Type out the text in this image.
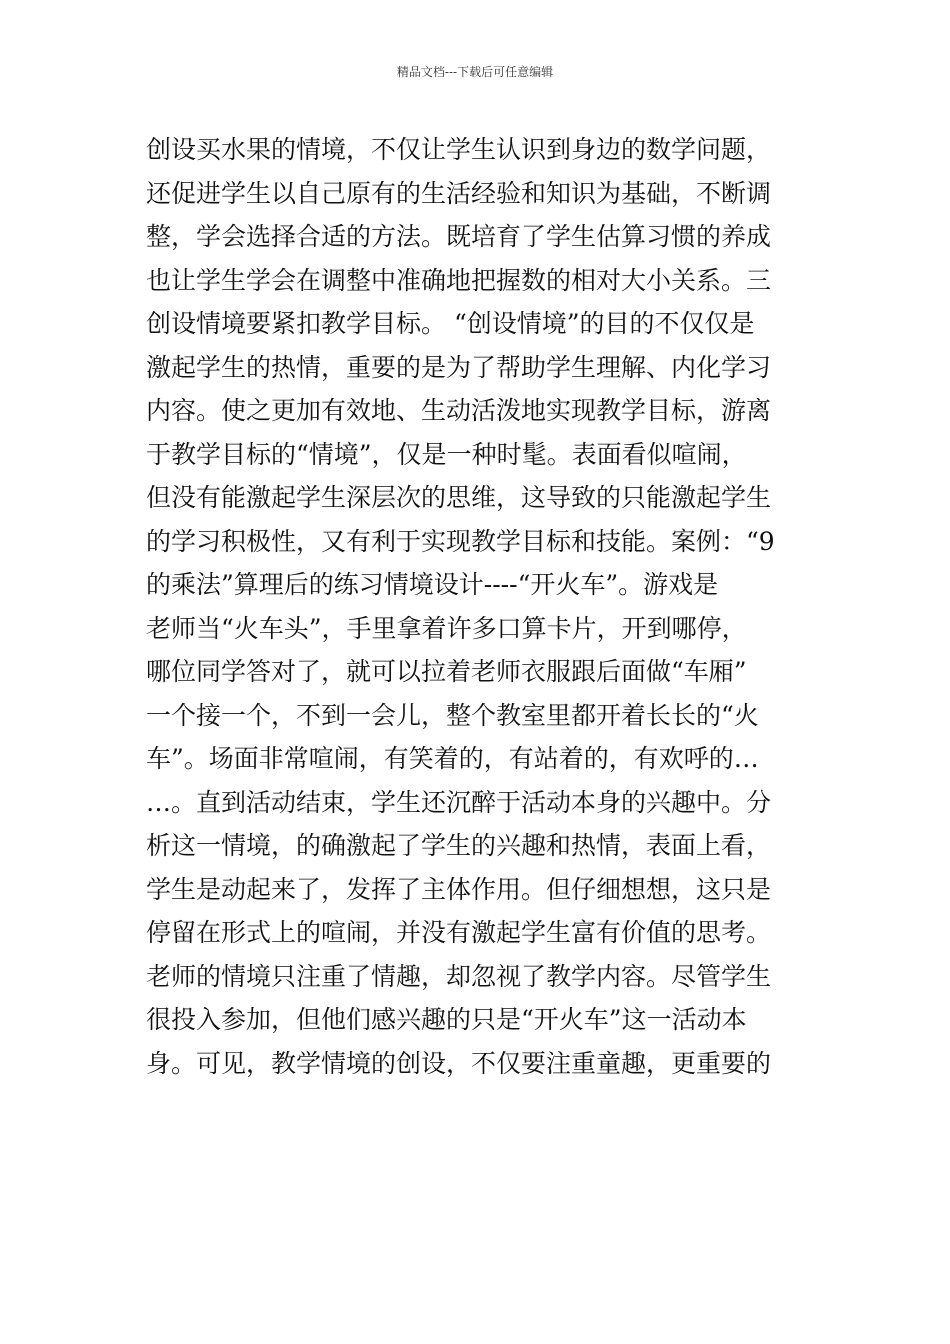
精品文档---下载后可任意编辑
创设买水果的情境，不仅让学生认识到身边的数学问题，
还促进学生以自己原有的生活经验和知识为基础，不断调
整，学会选择合适的方法。既培育了学生估算习惯的养成
也让学生学会在调整中准确地把握数的相对大小关系。三
创设情境要紧扣教学目标。 “创设情境”的目的不仅仅是
激起学生的热情，重要的是为了帮助学生理解、内化学习
内容。使之更加有效地、生动活泼地实现教学目标，游离
于教学目标的“情境”，仅是一种时髦。表面看似喧闹，
但没有能激起学生深层次的思维，这导致的只能激起学生
的学习积极性，又有利于实现教学目标和技能。案例：“9
的乘法”算理后的练习情境设计----“开火车”。游戏是
老师当“火车头”，手里拿着许多口算卡片，开到哪停，
哪位同学答对了，就可以拉着老师衣服跟后面做“车厢”
一个接一个，不到一会儿，整个教室里都开着长长的“火
车”。场面非常喧闹，有笑着的，有站着的，有欢呼的…
…。直到活动结束，学生还沉醉于活动本身的兴趣中。分
析这一情境，的确激起了学生的兴趣和热情，表面上看，
学生是动起来了，发挥了主体作用。但仔细想想，这只是
停留在形式上的喧闹，并没有激起学生富有价值的思考。
老师的情境只注重了情趣，却忽视了教学内容。尽管学生
很投入参加，但他们感兴趣的只是“开火车”这一活动本
身。可见，教学情境的创设，不仅要注重童趣，更重要的
